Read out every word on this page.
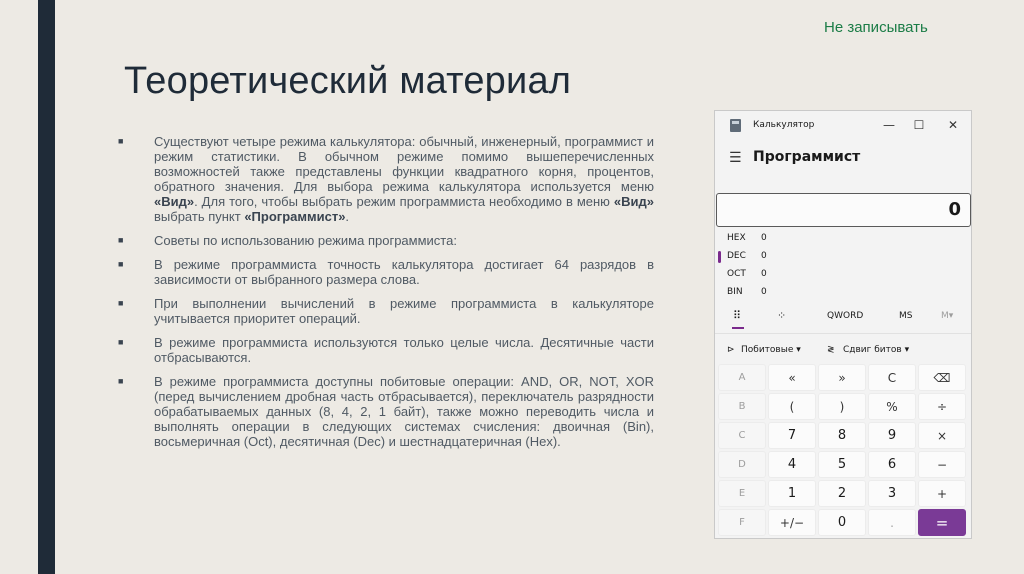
Не записывать
Теоретический материал
■	Существуют четыре режима калькулятора: обычный, инженерный, программист и режим статистики. В обычном режиме помимо вышеперечисленных возможностей также представлены функции квадратного корня, процентов, обратного значения. Для выбора режима калькулятора используется меню «Вид». Для того, чтобы выбрать режим программиста необходимо в меню «Вид» выбрать пункт «Программист».
■	Советы по использованию режима программиста:
■	В режиме программиста точность калькулятора достигает 64 разрядов в зависимости от выбранного размера слова.
■	При выполнении вычислений в режиме программиста в калькуляторе учитывается приоритет операций.
■	В режиме программиста используются только целые числа. Десятичные части отбрасываются.
■	В режиме программиста доступны побитовые операции: AND, OR, NOT, XOR (перед вычислением дробная часть отбрасывается), переключатель разрядности обрабатываемых данных (8, 4, 2, 1 байт), также можно переводить числа и выполнять операции в следующих системах счисления: двоичная (Bin), восьмеричная (Oct), десятичная (Dec) и шестнадцатеричная (Hex).
Калькулятор	—	☐	✕
☰ Программист
0
HEX 0
DEC 0
OCT 0
BIN 0
⠿	⁘	QWORD	MS	M▾
⊳ Побитовые ▾	≷ Сдвиг битов ▾
A	«	»	C	⌫
B	(	)	%	÷
C	7	8	9	×
D	4	5	6	−
E	1	2	3	+
F	+/−	0	.	=
